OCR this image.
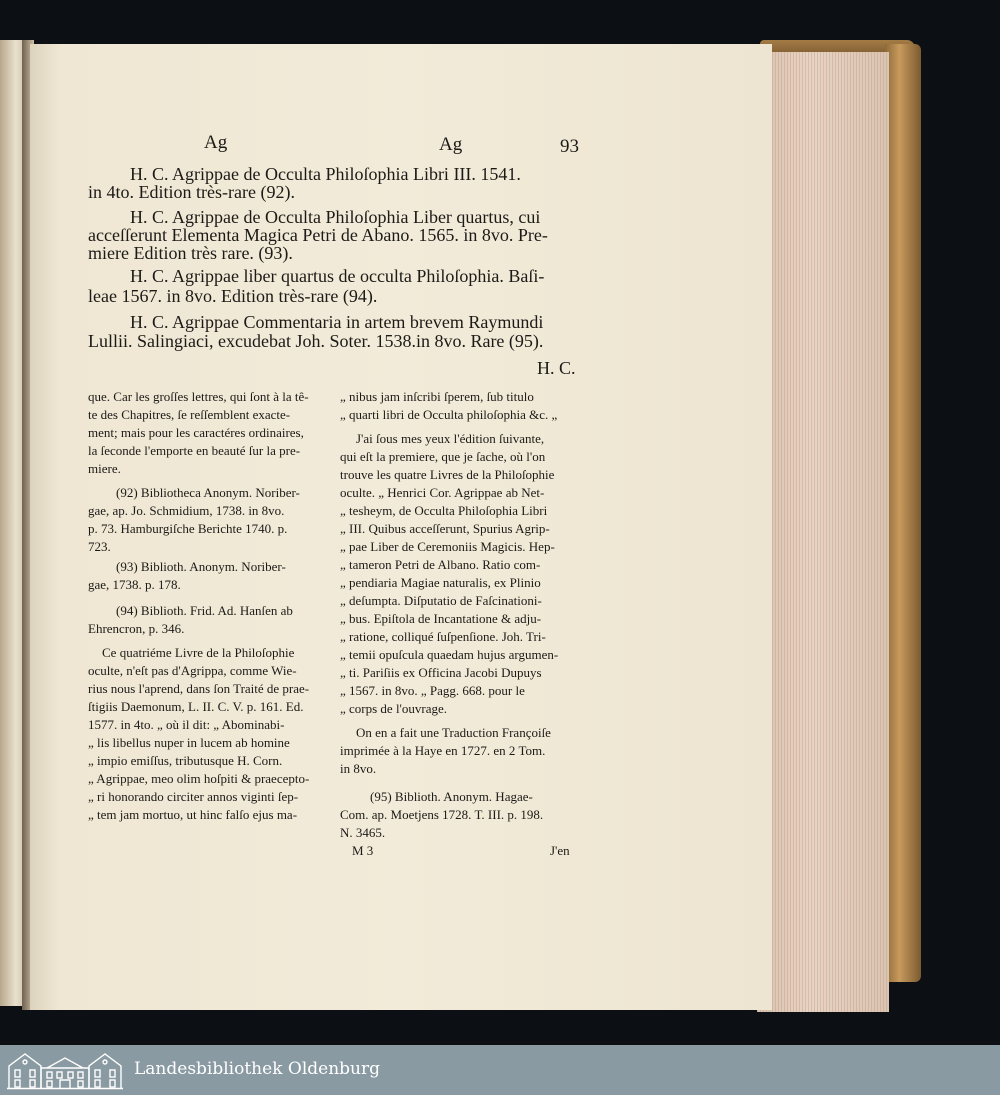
Ag	Ag	93
H. C. Agrippae de Occulta Philoſophia Libri III. 1541.
in 4to. Edition très-rare (92).
H. C. Agrippae de Occulta Philoſophia Liber quartus, cui
acceſſerunt Elementa Magica Petri de Abano. 1565. in 8vo. Pre-
miere Edition très rare. (93).
H. C. Agrippae liber quartus de occulta Philoſophia. Baſi-
leae 1567. in 8vo. Edition très-rare (94).
H. C. Agrippae Commentaria in artem brevem Raymundi
Lullii. Salingiaci, excudebat Joh. Soter. 1538.in 8vo. Rare (95).
H. C.
que. Car les groſſes lettres, qui ſont à la tê-
te des Chapitres, ſe reſſemblent exacte-
ment; mais pour les caractéres ordinaires,
la ſeconde l'emporte en beauté ſur la pre-
miere.
(92) Bibliotheca Anonym. Noriber-
gae, ap. Jo. Schmidium, 1738. in 8vo.
p. 73. Hamburgiſche Berichte 1740. p.
723.
(93) Biblioth. Anonym. Noriber-
gae, 1738. p. 178.
(94) Biblioth. Frid. Ad. Hanſen ab
Ehrencron, p. 346.
Ce quatriéme Livre de la Philoſophie
oculte, n'eſt pas d'Agrippa, comme Wie-
rius nous l'aprend, dans ſon Traité de prae-
ſtigiis Daemonum, L. II. C. V. p. 161. Ed.
1577. in 4to. „ où il dit: „ Abominabi-
„ lis libellus nuper in lucem ab homine
„ impio emiſſus, tributusque H. Corn.
„ Agrippae, meo olim hoſpiti & praecepto-
„ ri honorando circiter annos viginti ſep-
„ tem jam mortuo, ut hinc falſo ejus ma-
„ nibus jam inſcribi ſperem, ſub titulo
„ quarti libri de Occulta philoſophia &c. „
J'ai ſous mes yeux l'édition ſuivante,
qui eſt la premiere, que je ſache, où l'on
trouve les quatre Livres de la Philoſophie
oculte. „ Henrici Cor. Agrippae ab Net-
„ tesheym, de Occulta Philoſophia Libri
„ III. Quibus acceſſerunt, Spurius Agrip-
„ pae Liber de Ceremoniis Magicis. Hep-
„ tameron Petri de Albano. Ratio com-
„ pendiaria Magiae naturalis, ex Plinio
„ deſumpta. Diſputatio de Faſcinationi-
„ bus. Epiſtola de Incantatione & adju-
„ ratione, colliqué ſuſpenſione. Joh. Tri-
„ temii opuſcula quaedam hujus argumen-
„ ti. Pariſiis ex Officina Jacobi Dupuys
„ 1567. in 8vo. „ Pagg. 668. pour le
„ corps de l'ouvrage.
On en a fait une Traduction Françoiſe
imprimée à la Haye en 1727. en 2 Tom.
in 8vo.
(95) Biblioth. Anonym. Hagae-
Com. ap. Moetjens 1728. T. III. p. 198.
N. 3465.
M 3	J'en
Landesbibliothek Oldenburg
